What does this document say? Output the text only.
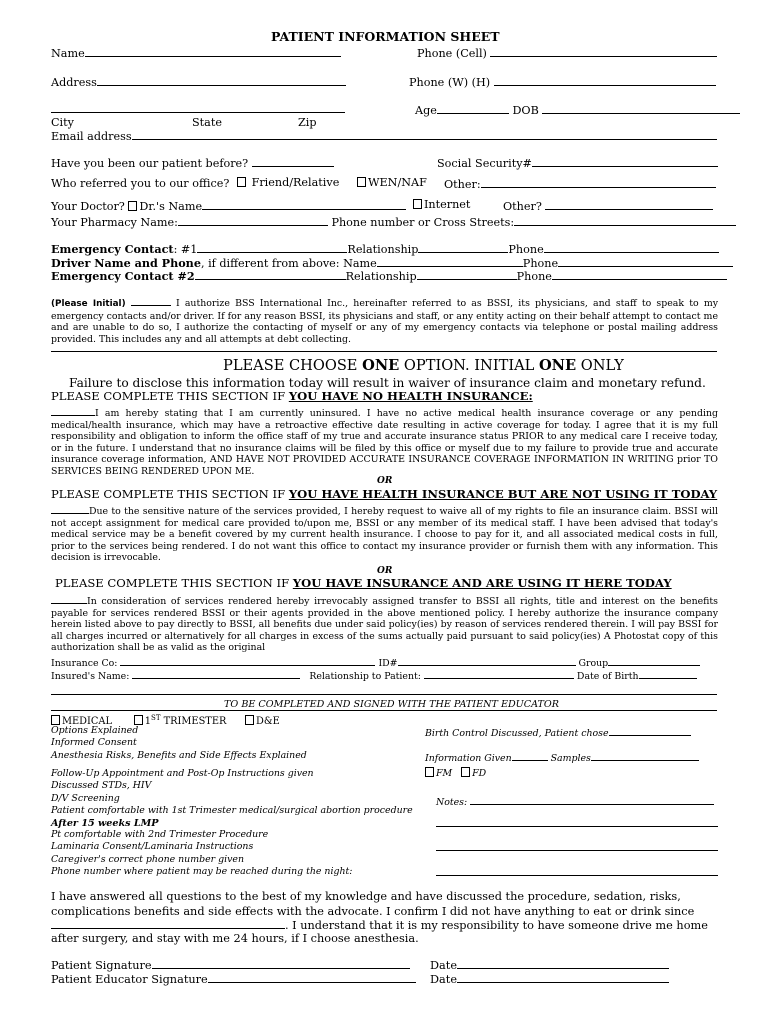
PATIENT INFORMATION SHEET
Name	Phone (Cell)
Address	Phone (W) (H)
Age	DOB
City	State	Zip
Email address
Have you been our patient before?	Social Security#
Who referred you to our office?	Friend/Relative	WEN/NAF Other:
Your Doctor? Dr.'s Name	Internet	Other?
Your Pharmacy Name:	Phone number or Cross Streets:
Emergency Contact: #1	Relationship	Phone
Driver Name and Phone, if different from above: Name	Phone
Emergency Contact #2	Relationship	Phone
(Please Initial)	I authorize BSS International Inc., hereinafter referred to as BSSI, its physicians, and staff to speak to my emergency contacts and/or driver. If for any reason BSSI, its physicians and staff, or any entity acting on their behalf attempt to contact me and are unable to do so, I authorize the contacting of myself or any of my emergency contacts via telephone or postal mailing address provided. This includes any and all attempts at debt collecting.
PLEASE CHOOSE ONE OPTION. INITIAL ONE ONLY
Failure to disclose this information today will result in waiver of insurance claim and monetary refund.
PLEASE COMPLETE THIS SECTION IF YOU HAVE NO HEALTH INSURANCE:
I am hereby stating that I am currently uninsured. I have no active medical health insurance coverage or any pending medical/health insurance, which may have a retroactive effective date resulting in active coverage for today. I agree that it is my full responsibility and obligation to inform the office staff of my true and accurate insurance status PRIOR to any medical care I receive today, or in the future. I understand that no insurance claims will be filed by this office or myself due to my failure to provide true and accurate insurance coverage information, AND HAVE NOT PROVIDED ACCURATE INSURANCE COVERAGE INFORMATION IN WRITING prior TO SERVICES BEING RENDERED UPON ME.
OR
PLEASE COMPLETE THIS SECTION IF YOU HAVE HEALTH INSURANCE BUT ARE NOT USING IT TODAY
Due to the sensitive nature of the services provided, I hereby request to waive all of my rights to file an insurance claim. BSSI will not accept assignment for medical care provided to/upon me, BSSI or any member of its medical staff. I have been advised that today's medical service may be a benefit covered by my current health insurance. I choose to pay for it, and all associated medical costs in full, prior to the services being rendered. I do not want this office to contact my insurance provider or furnish them with any information. This decision is irrevocable.
OR
PLEASE COMPLETE THIS SECTION IF YOU HAVE INSURANCE AND ARE USING IT HERE TODAY
In consideration of services rendered hereby irrevocably assigned transfer to BSSI all rights, title and interest on the benefits payable for services rendered BSSI or their agents provided in the above mentioned policy. I hereby authorize the insurance company herein listed above to pay directly to BSSI, all benefits due under said policy(ies) by reason of services rendered therein. I will pay BSSI for all charges incurred or alternatively for all charges in excess of the sums actually paid pursuant to said policy(ies) A Photostat copy of this authorization shall be as valid as the original
Insurance Co:	ID#	Group
Insured's Name:	Relationship to Patient:	Date of Birth
TO BE COMPLETED AND SIGNED WITH THE PATIENT EDUCATOR
MEDICAL	1ST TRIMESTER	D&E
Options Explained
Informed Consent
Anesthesia Risks, Benefits and Side Effects Explained
Follow-Up Appointment and Post-Op Instructions given
Discussed STDs, HIV
D/V Screening
Patient comfortable with 1st Trimester medical/surgical abortion procedure
After 15 weeks LMP
Pt comfortable with 2nd Trimester Procedure
Laminaria Consent/Laminaria Instructions
Caregiver's correct phone number given
Phone number where patient may be reached during the night:
Birth Control Discussed, Patient chose
Information Given	Samples
FM FD
Notes:
I have answered all questions to the best of my knowledge and have discussed the procedure, sedation, risks,
complications benefits and side effects with the advocate. I confirm I did not have anything to eat or drink since
. I understand that it is my responsibility to have someone drive me home
after surgery, and stay with me 24 hours, if I choose anesthesia.
Patient Signature	Date
Patient Educator Signature	Date
